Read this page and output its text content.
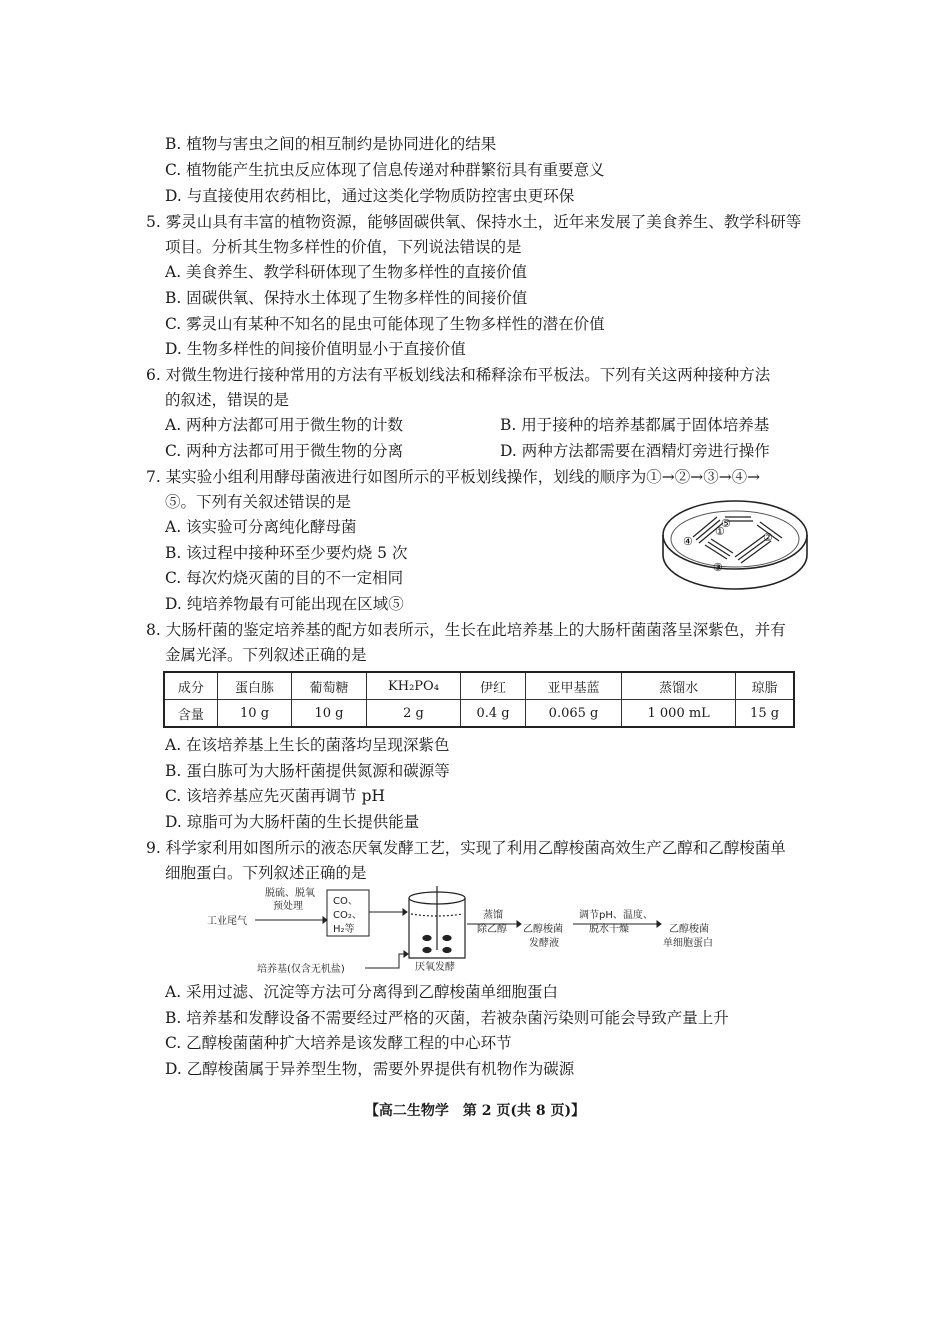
B. 植物与害虫之间的相互制约是协同进化的结果
C. 植物能产生抗虫反应体现了信息传递对种群繁衍具有重要意义
D. 与直接使用农药相比，通过这类化学物质防控害虫更环保
5. 雾灵山具有丰富的植物资源，能够固碳供氧、保持水土，近年来发展了美食养生、教学科研等
项目。分析其生物多样性的价值，下列说法错误的是
A. 美食养生、教学科研体现了生物多样性的直接价值
B. 固碳供氧、保持水土体现了生物多样性的间接价值
C. 雾灵山有某种不知名的昆虫可能体现了生物多样性的潜在价值
D. 生物多样性的间接价值明显小于直接价值
6. 对微生物进行接种常用的方法有平板划线法和稀释涂布平板法。下列有关这两种接种方法
的叙述，错误的是
A. 两种方法都可用于微生物的计数	B. 用于接种的培养基都属于固体培养基
C. 两种方法都可用于微生物的分离	D. 两种方法都需要在酒精灯旁进行操作
7. 某实验小组利用酵母菌液进行如图所示的平板划线操作，划线的顺序为①→②→③→④→
⑤。下列有关叙述错误的是
A. 该实验可分离纯化酵母菌
B. 该过程中接种环至少要灼烧 5 次
C. 每次灼烧灭菌的目的不一定相同
D. 纯培养物最有可能出现在区域⑤
①	②
③
④
⑤
8. 大肠杆菌的鉴定培养基的配方如表所示，生长在此培养基上的大肠杆菌菌落呈深紫色，并有
金属光泽。下列叙述正确的是
成分	蛋白胨	葡萄糖	KH₂PO₄	伊红	亚甲基蓝	蒸馏水	琼脂
含量	10 g	10 g	2 g	0.4 g	0.065 g	1 000 mL	15 g
A. 在该培养基上生长的菌落均呈现深紫色
B. 蛋白胨可为大肠杆菌提供氮源和碳源等
C. 该培养基应先灭菌再调节 pH
D. 琼脂可为大肠杆菌的生长提供能量
9. 科学家利用如图所示的液态厌氧发酵工艺，实现了利用乙醇梭菌高效生产乙醇和乙醇梭菌单
细胞蛋白。下列叙述正确的是
脱硫、脱氧
预处理
工业尾气
CO、
CO₂、
H₂等
培养基(仅含无机盐)	厌氧发酵
蒸馏
除乙醇 乙醇梭菌
发酵液
调节pH、温度、
脱水干燥	乙醇梭菌
单细胞蛋白
A. 采用过滤、沉淀等方法可分离得到乙醇梭菌单细胞蛋白
B. 培养基和发酵设备不需要经过严格的灭菌，若被杂菌污染则可能会导致产量上升
C. 乙醇梭菌菌种扩大培养是该发酵工程的中心环节
D. 乙醇梭菌属于异养型生物，需要外界提供有机物作为碳源
【高二生物学　第 2 页(共 8 页)】
